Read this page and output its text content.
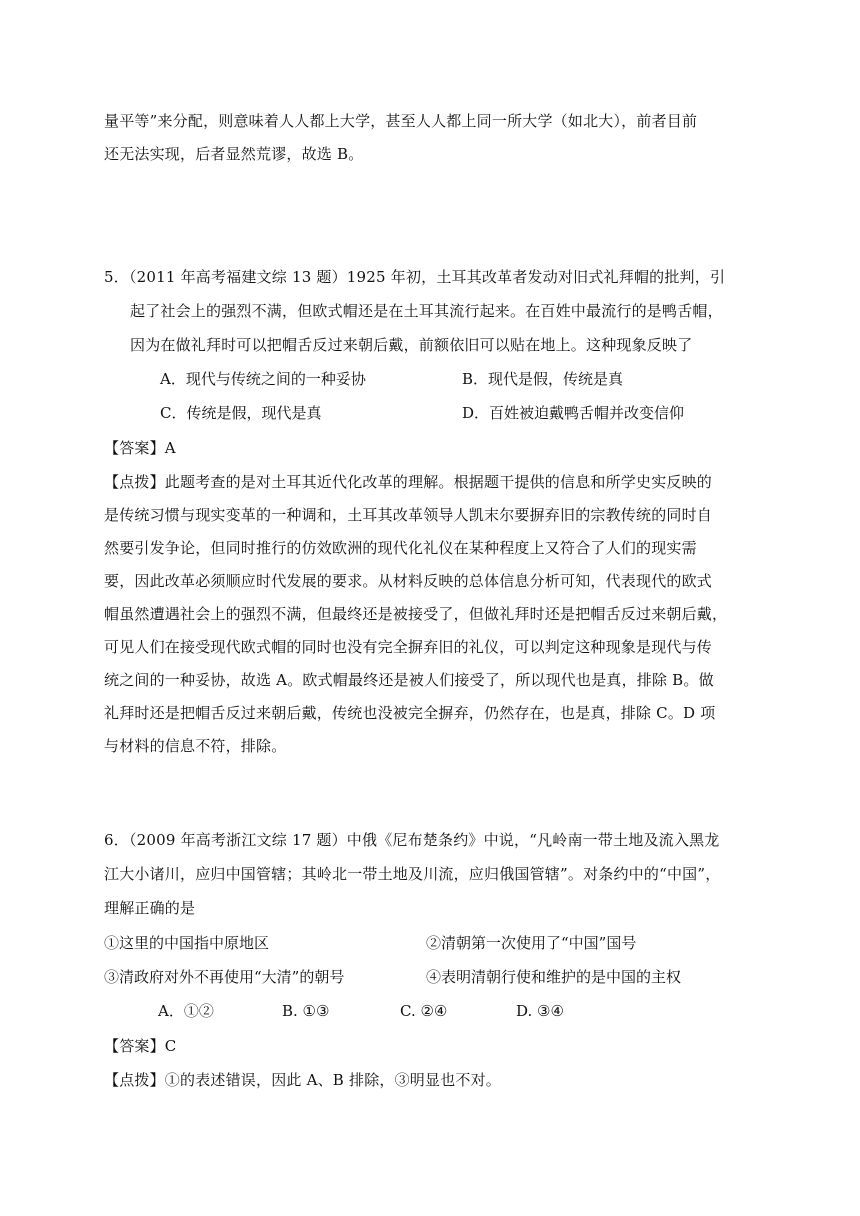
量平等”来分配，则意味着人人都上大学，甚至人人都上同一所大学（如北大），前者目前
还无法实现，后者显然荒谬，故选 B。
5．（2011 年高考福建文综 13 题）1925 年初，土耳其改革者发动对旧式礼拜帽的批判，引
起了社会上的强烈不满，但欧式帽还是在土耳其流行起来。在百姓中最流行的是鸭舌帽，
因为在做礼拜时可以把帽舌反过来朝后戴，前额依旧可以贴在地上。这种现象反映了
A．现代与传统之间的一种妥协	B．现代是假，传统是真
C．传统是假，现代是真	D．百姓被迫戴鸭舌帽并改变信仰
【答案】A
【点拨】此题考查的是对土耳其近代化改革的理解。根据题干提供的信息和所学史实反映的
是传统习惯与现实变革的一种调和，土耳其改革领导人凯末尔要摒弃旧的宗教传统的同时自
然要引发争论，但同时推行的仿效欧洲的现代化礼仪在某种程度上又符合了人们的现实需
要，因此改革必须顺应时代发展的要求。从材料反映的总体信息分析可知，代表现代的欧式
帽虽然遭遇社会上的强烈不满，但最终还是被接受了，但做礼拜时还是把帽舌反过来朝后戴，
可见人们在接受现代欧式帽的同时也没有完全摒弃旧的礼仪，可以判定这种现象是现代与传
统之间的一种妥协，故选 A。欧式帽最终还是被人们接受了，所以现代也是真，排除 B。做
礼拜时还是把帽舌反过来朝后戴，传统也没被完全摒弃，仍然存在，也是真，排除 C。D 项
与材料的信息不符，排除。
6．（2009 年高考浙江文综 17 题）中俄《尼布楚条约》中说，“凡岭南一带土地及流入黑龙
江大小诸川，应归中国管辖；其岭北一带土地及川流，应归俄国管辖”。对条约中的“中国”，
理解正确的是
①这里的中国指中原地区	②清朝第一次使用了“中国”国号
③清政府对外不再使用“大清”的朝号	④表明清朝行使和维护的是中国的主权
A．①②	B. ①③	C. ②④	D. ③④
【答案】C
【点拨】①的表述错误，因此 A、B 排除，③明显也不对。
